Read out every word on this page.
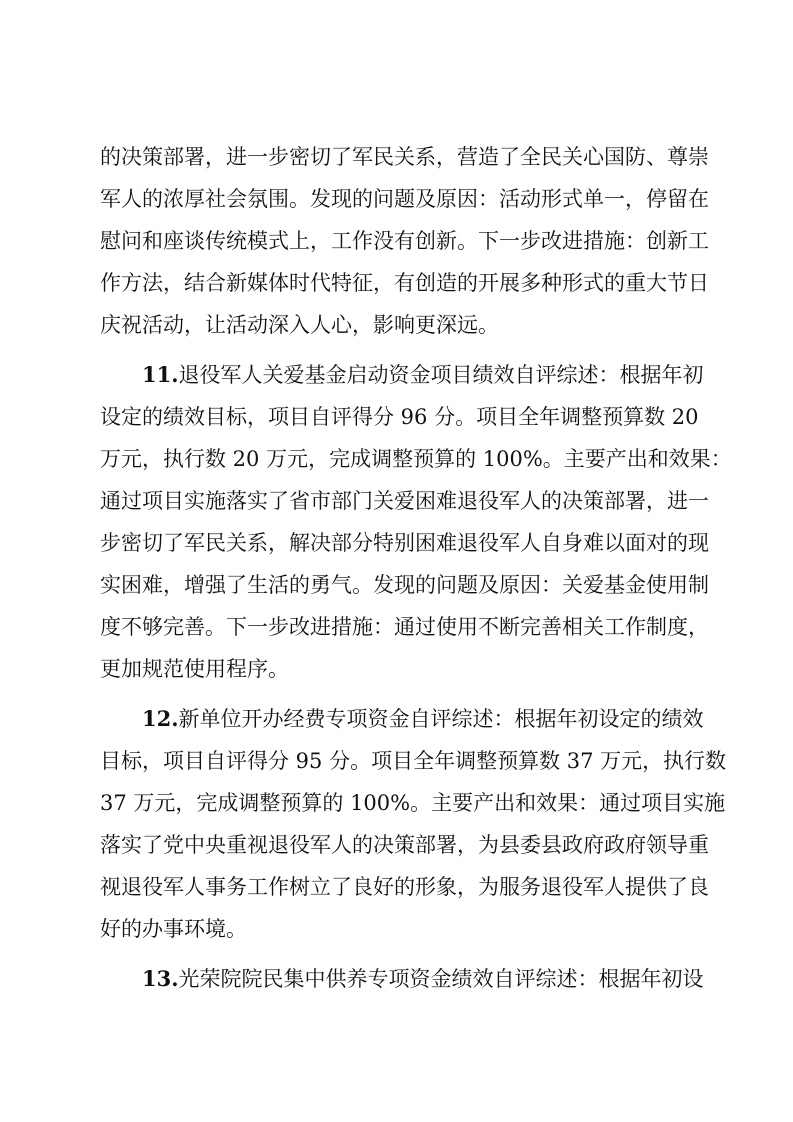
的决策部署，进一步密切了军民关系，营造了全民关心国防、尊崇
军人的浓厚社会氛围。发现的问题及原因：活动形式单一，停留在
慰问和座谈传统模式上，工作没有创新。下一步改进措施：创新工
作方法，结合新媒体时代特征，有创造的开展多种形式的重大节日
庆祝活动，让活动深入人心，影响更深远。

11.退役军人关爱基金启动资金项目绩效自评综述：根据年初
设定的绩效目标，项目自评得分 96 分。项目全年调整预算数 20
万元，执行数 20 万元，完成调整预算的 100%。主要产出和效果：
通过项目实施落实了省市部门关爱困难退役军人的决策部署，进一
步密切了军民关系，解决部分特别困难退役军人自身难以面对的现
实困难，增强了生活的勇气。发现的问题及原因：关爱基金使用制
度不够完善。下一步改进措施：通过使用不断完善相关工作制度，
更加规范使用程序。

12.新单位开办经费专项资金自评综述：根据年初设定的绩效
目标，项目自评得分 95 分。项目全年调整预算数 37 万元，执行数
37 万元，完成调整预算的 100%。主要产出和效果：通过项目实施
落实了党中央重视退役军人的决策部署，为县委县政府政府领导重
视退役军人事务工作树立了良好的形象，为服务退役军人提供了良
好的办事环境。

13.光荣院院民集中供养专项资金绩效自评综述：根据年初设
